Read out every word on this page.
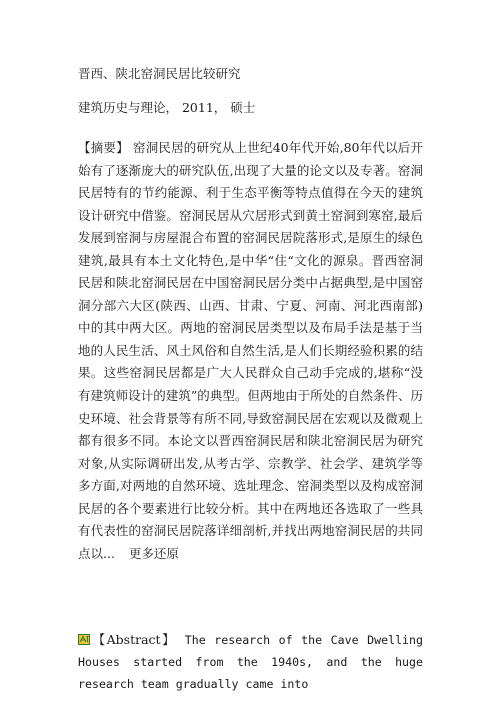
晋西、陕北窑洞民居比较研究
建筑历史与理论， 2011， 硕士
【摘要】 窑洞民居的研究从上世纪40年代开始,80年代以后开始有了逐渐庞大的研究队伍,出现了大量的论文以及专著。窑洞民居特有的节约能源、利于生态平衡等特点值得在今天的建筑设计研究中借鉴。窑洞民居从穴居形式到黄土窑洞到寒窑,最后发展到窑洞与房屋混合布置的窑洞民居院落形式,是原生的绿色建筑,最具有本土文化特色,是中华“住“文化的源泉。晋西窑洞民居和陕北窑洞民居在中国窑洞民居分类中占据典型,是中国窑洞分部六大区(陕西、山西、甘肃、宁夏、河南、河北西南部)中的其中两大区。两地的窑洞民居类型以及布局手法是基于当地的人民生活、风土风俗和自然生活,是人们长期经验积累的结果。这些窑洞民居都是广大人民群众自己动手完成的,堪称“没有建筑师设计的建筑”的典型。但两地由于所处的自然条件、历史环境、社会背景等有所不同,导致窑洞民居在宏观以及微观上都有很多不同。本论文以晋西窑洞民居和陕北窑洞民居为研究对象,从实际调研出发,从考古学、宗教学、社会学、建筑学等多方面,对两地的自然环境、选址理念、窑洞类型以及构成窑洞民居的各个要素进行比较分析。其中在两地还各选取了一些具有代表性的窑洞民居院落详细剖析,并找出两地窑洞民居的共同点以... 更多还原
【Abstract】 The research of the Cave Dwelling Houses started from the 1940s, and the huge research team gradually came into
